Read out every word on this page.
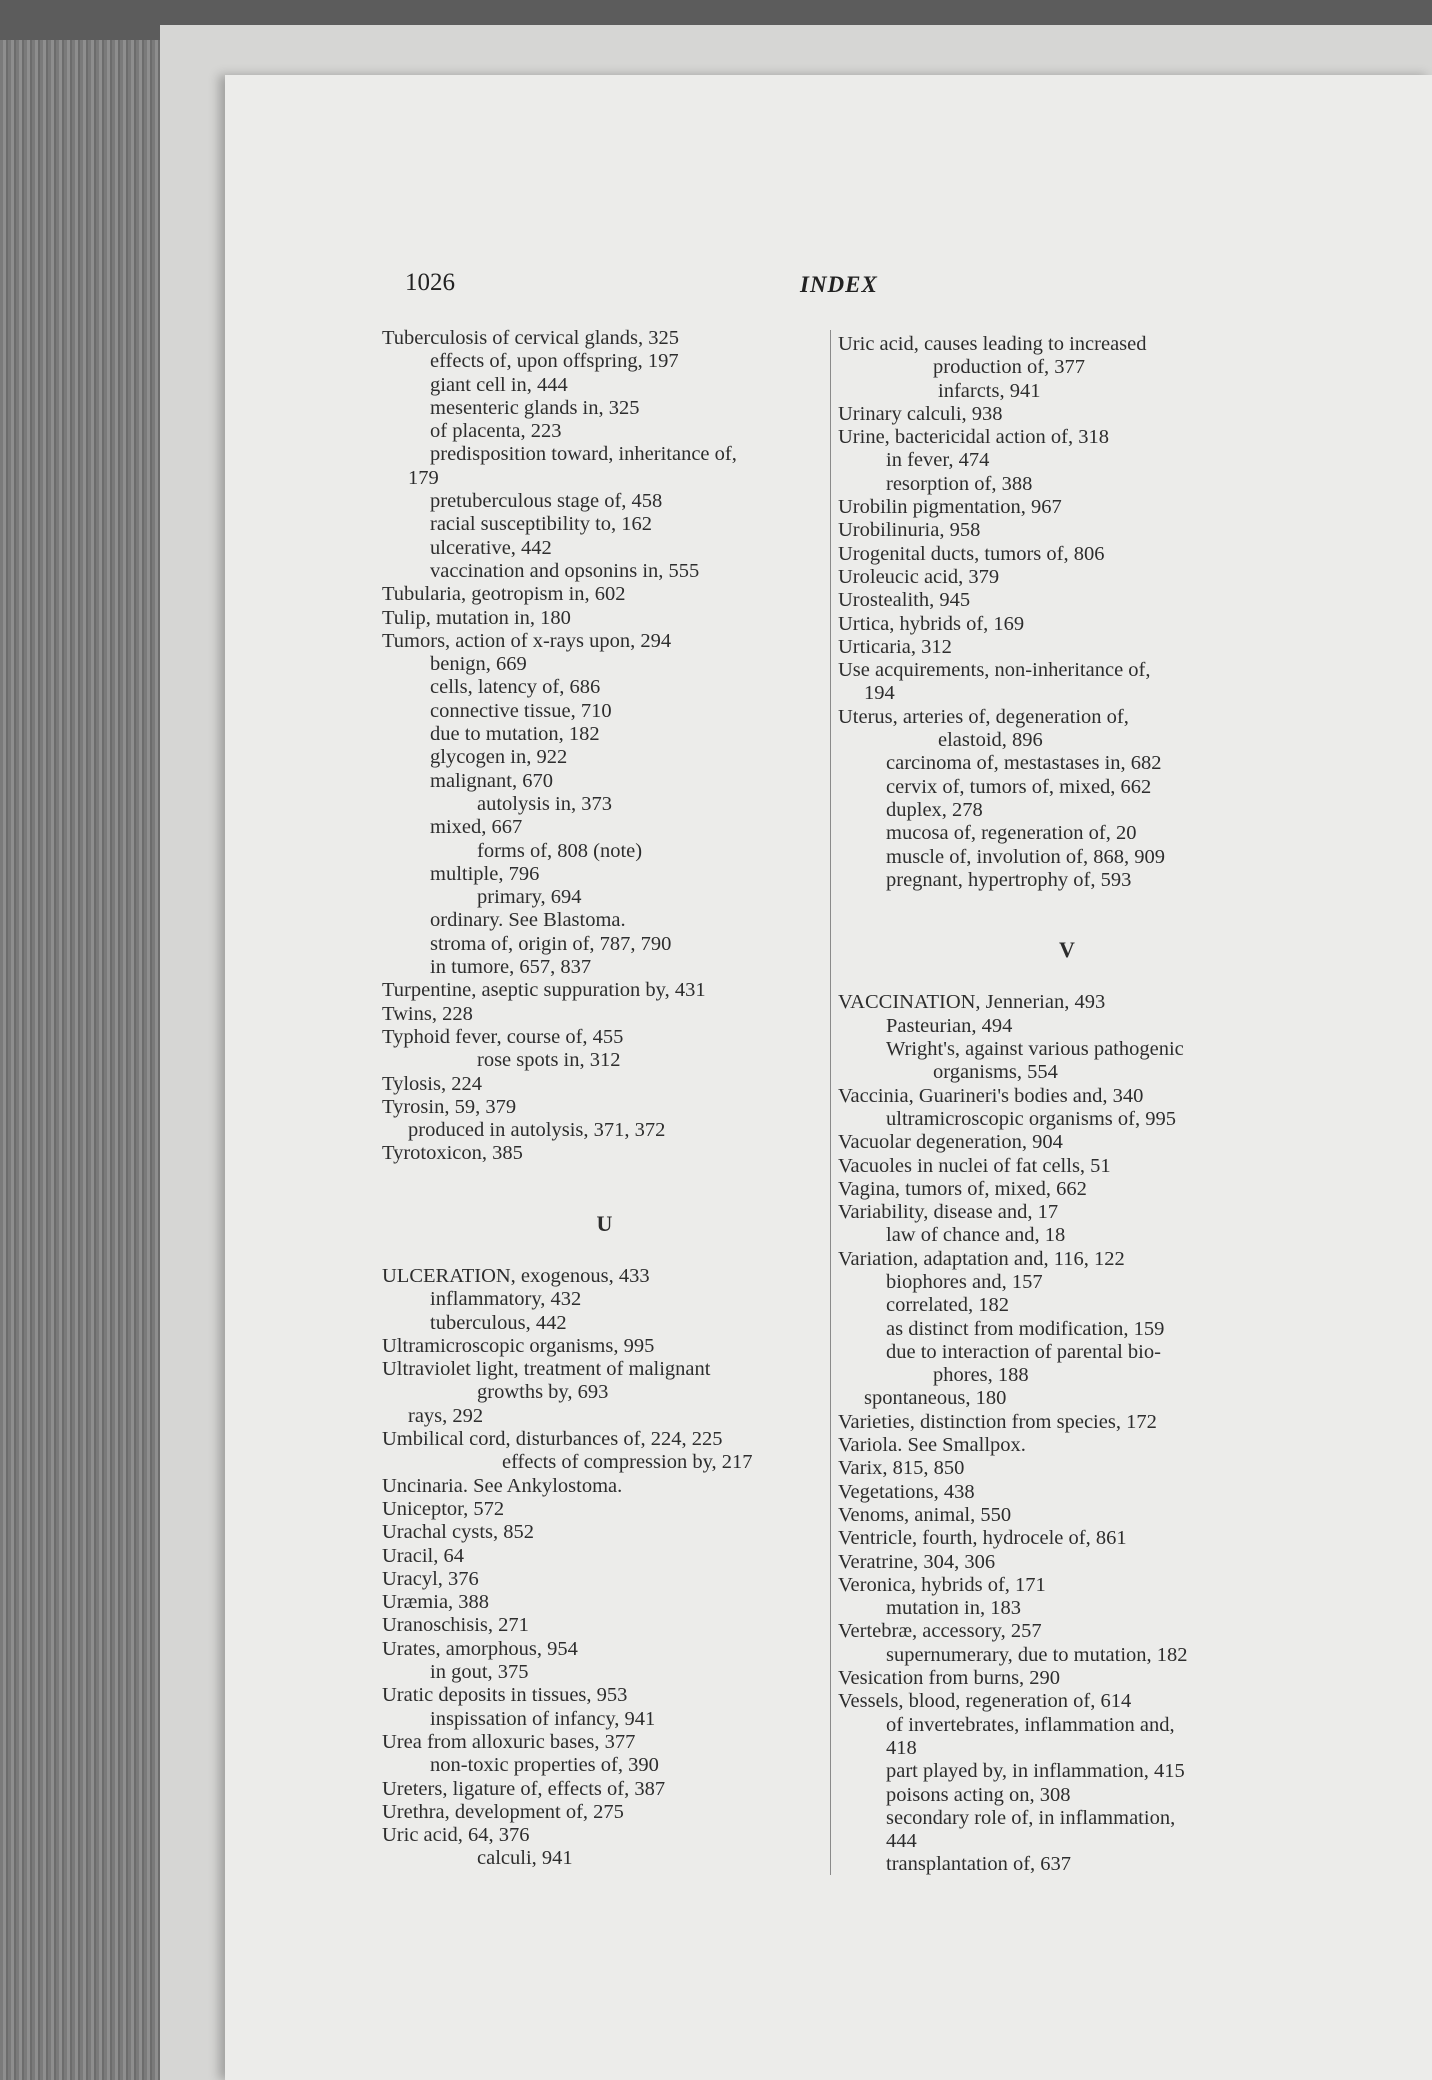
1026	INDEX
Tuberculosis of cervical glands, 325
effects of, upon offspring, 197
giant cell in, 444
mesenteric glands in, 325
of placenta, 223
predisposition toward, inheritance of,
179
pretuberculous stage of, 458
racial susceptibility to, 162
ulcerative, 442
vaccination and opsonins in, 555
Tubularia, geotropism in, 602
Tulip, mutation in, 180
Tumors, action of x-rays upon, 294
benign, 669
cells, latency of, 686
connective tissue, 710
due to mutation, 182
glycogen in, 922
malignant, 670
autolysis in, 373
mixed, 667
forms of, 808 (note)
multiple, 796
primary, 694
ordinary. See Blastoma.
stroma of, origin of, 787, 790
in tumore, 657, 837
Turpentine, aseptic suppuration by, 431
Twins, 228
Typhoid fever, course of, 455
rose spots in, 312
Tylosis, 224
Tyrosin, 59, 379
produced in autolysis, 371, 372
Tyrotoxicon, 385
U
ULCERATION, exogenous, 433
inflammatory, 432
tuberculous, 442
Ultramicroscopic organisms, 995
Ultraviolet light, treatment of malignant
growths by, 693
rays, 292
Umbilical cord, disturbances of, 224, 225
effects of compression by, 217
Uncinaria. See Ankylostoma.
Uniceptor, 572
Urachal cysts, 852
Uracil, 64
Uracyl, 376
Uræmia, 388
Uranoschisis, 271
Urates, amorphous, 954
in gout, 375
Uratic deposits in tissues, 953
inspissation of infancy, 941
Urea from alloxuric bases, 377
non-toxic properties of, 390
Ureters, ligature of, effects of, 387
Urethra, development of, 275
Uric acid, 64, 376
calculi, 941
Uric acid, causes leading to increased
production of, 377
infarcts, 941
Urinary calculi, 938
Urine, bactericidal action of, 318
in fever, 474
resorption of, 388
Urobilin pigmentation, 967
Urobilinuria, 958
Urogenital ducts, tumors of, 806
Uroleucic acid, 379
Urostealith, 945
Urtica, hybrids of, 169
Urticaria, 312
Use acquirements, non-inheritance of,
194
Uterus, arteries of, degeneration of,
elastoid, 896
carcinoma of, mestastases in, 682
cervix of, tumors of, mixed, 662
duplex, 278
mucosa of, regeneration of, 20
muscle of, involution of, 868, 909
pregnant, hypertrophy of, 593
V
VACCINATION, Jennerian, 493
Pasteurian, 494
Wright's, against various pathogenic
organisms, 554
Vaccinia, Guarineri's bodies and, 340
ultramicroscopic organisms of, 995
Vacuolar degeneration, 904
Vacuoles in nuclei of fat cells, 51
Vagina, tumors of, mixed, 662
Variability, disease and, 17
law of chance and, 18
Variation, adaptation and, 116, 122
biophores and, 157
correlated, 182
as distinct from modification, 159
due to interaction of parental bio-
phores, 188
spontaneous, 180
Varieties, distinction from species, 172
Variola. See Smallpox.
Varix, 815, 850
Vegetations, 438
Venoms, animal, 550
Ventricle, fourth, hydrocele of, 861
Veratrine, 304, 306
Veronica, hybrids of, 171
mutation in, 183
Vertebræ, accessory, 257
supernumerary, due to mutation, 182
Vesication from burns, 290
Vessels, blood, regeneration of, 614
of invertebrates, inflammation and,
418
part played by, in inflammation, 415
poisons acting on, 308
secondary role of, in inflammation,
444
transplantation of, 637
